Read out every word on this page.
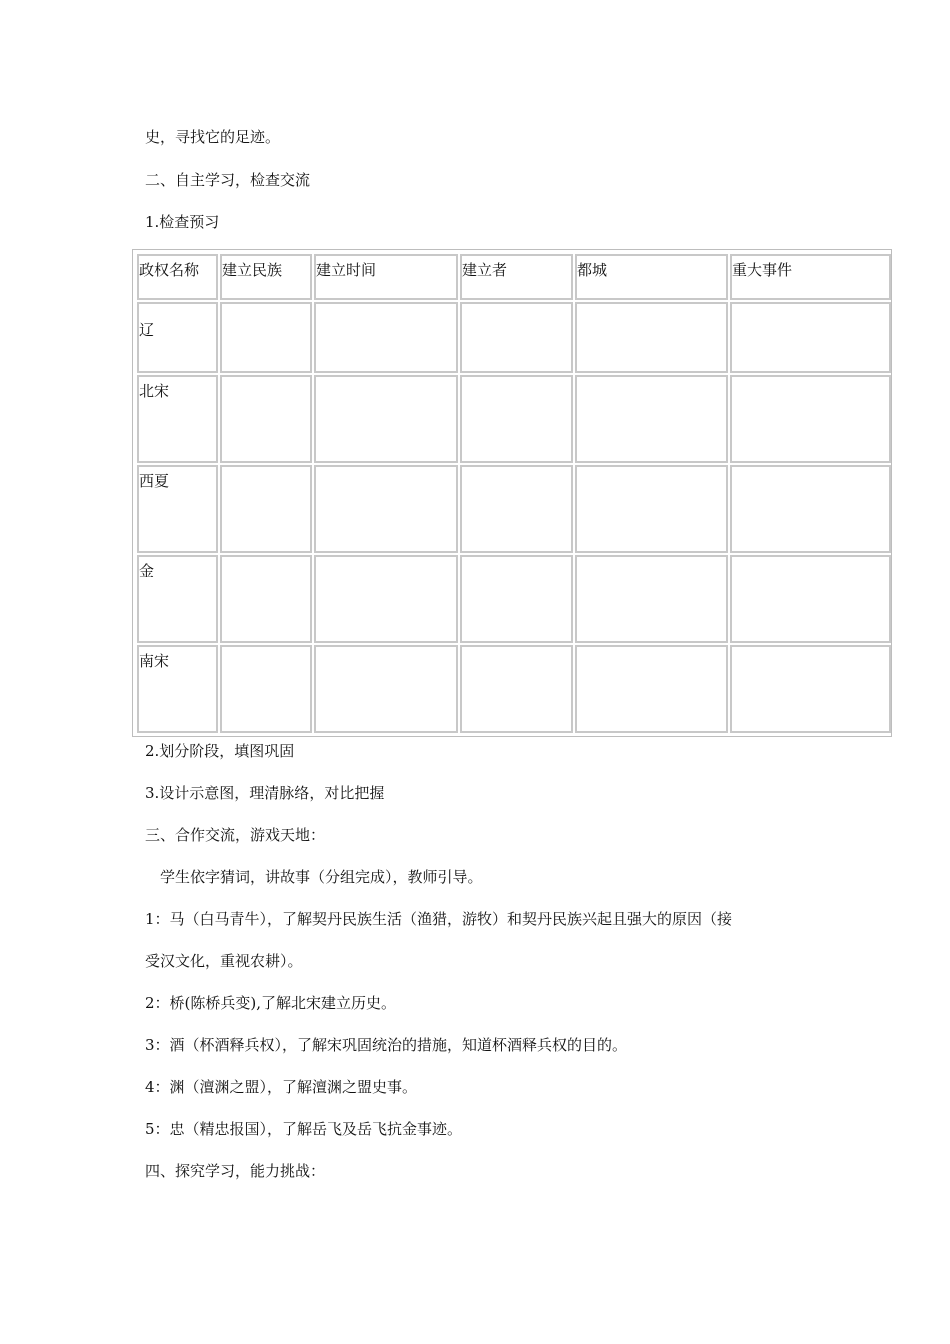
史，寻找它的足迹。
二、自主学习，检查交流
1.检查预习
政权名称	建立民族	建立时间	建立者	都城	重大事件
辽					
北宋					
西夏					
金					
南宋					
2.划分阶段，填图巩固
3.设计示意图，理清脉络，对比把握
三、合作交流，游戏天地：
学生依字猜词，讲故事（分组完成），教师引导。
1：马（白马青牛），了解契丹民族生活（渔猎，游牧）和契丹民族兴起且强大的原因（接
受汉文化，重视农耕）。
2：桥(陈桥兵变),了解北宋建立历史。
3：酒（杯酒释兵权），了解宋巩固统治的措施，知道杯酒释兵权的目的。
4：渊（澶渊之盟），了解澶渊之盟史事。
5：忠（精忠报国），了解岳飞及岳飞抗金事迹。
四、探究学习，能力挑战：
